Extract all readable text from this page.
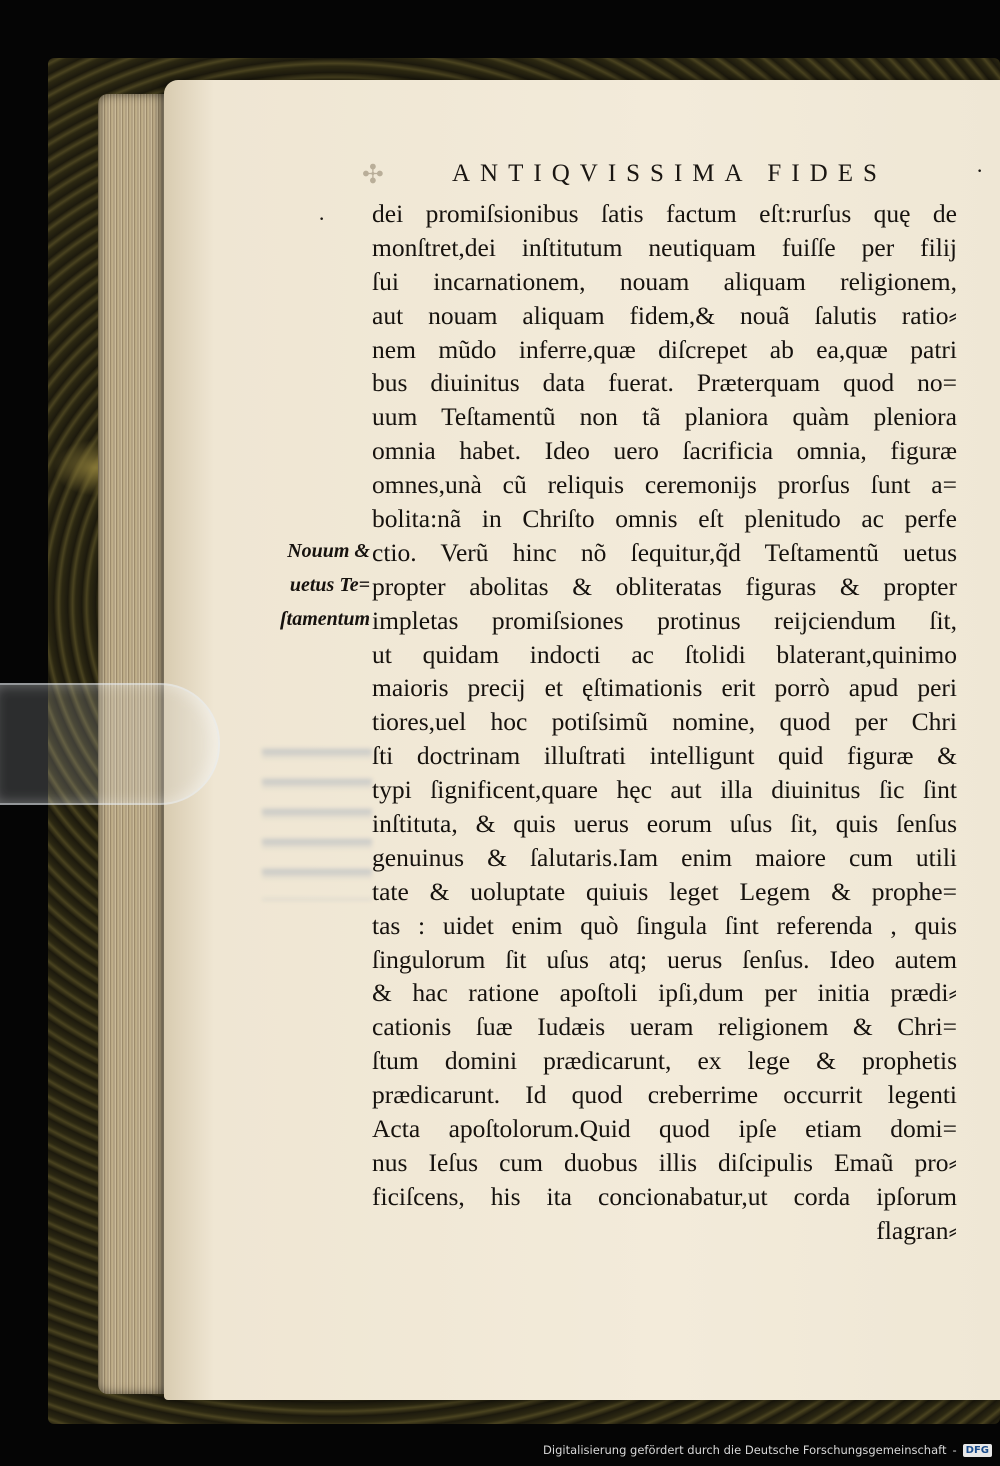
✣	ANTIQVISSIMA FIDES	·
· dei promiſsionibus ſatis factum eſt:rurſus quę de
monſtret,dei inſtitutum neutiquam fuiſſe per filij
ſui incarnationem, nouam aliquam religionem,
aut nouam aliquam fidem,& nouã ſalutis ratio⸗
nem mũdo inferre,quæ diſcrepet ab ea,quæ patri
bus diuinitus data fuerat. Præterquam quod no=
uum Teſtamentũ non tã planiora quàm pleniora
omnia habet. Ideo uero ſacrificia omnia, figuræ
omnes,unà cũ reliquis ceremonijs prorſus ſunt a=
bolita:nã in Chriſto omnis eſt plenitudo ac perfe
ctio. Verũ hinc nõ ſequitur,q̃d Teſtamentũ uetus
propter abolitas & obliteratas figuras & propter
impletas promiſsiones protinus reijciendum ſit,
ut quidam indocti ac ſtolidi blaterant,quinimo
maioris precij et ęſtimationis erit porrò apud peri
tiores,uel hoc potiſsimũ nomine, quod per Chri
ſti doctrinam illuſtrati intelligunt quid figuræ &
typi ſignificent,quare hęc aut illa diuinitus ſic ſint
inſtituta, & quis uerus eorum uſus ſit, quis ſenſus
genuinus & ſalutaris.Iam enim maiore cum utili
tate & uoluptate quiuis leget Legem & prophe=
tas : uidet enim quò ſingula ſint referenda , quis
ſingulorum ſit uſus atq; uerus ſenſus. Ideo autem
& hac ratione apoſtoli ipſi,dum per initia prædi⸗
cationis ſuæ Iudæis ueram religionem & Chri=
ſtum domini prædicarunt, ex lege & prophetis
prædicarunt. Id quod creberrime occurrit legenti
Acta apoſtolorum.Quid quod ipſe etiam domi=
nus Ieſus cum duobus illis diſcipulis Emaũ pro⸗
ficiſcens, his ita concionabatur,ut corda ipſorum
flagran⸗
Nouum &
uetus Te=
ſtamentum
Digitalisierung gefördert durch die Deutsche Forschungsgemeinschaft - DFG
